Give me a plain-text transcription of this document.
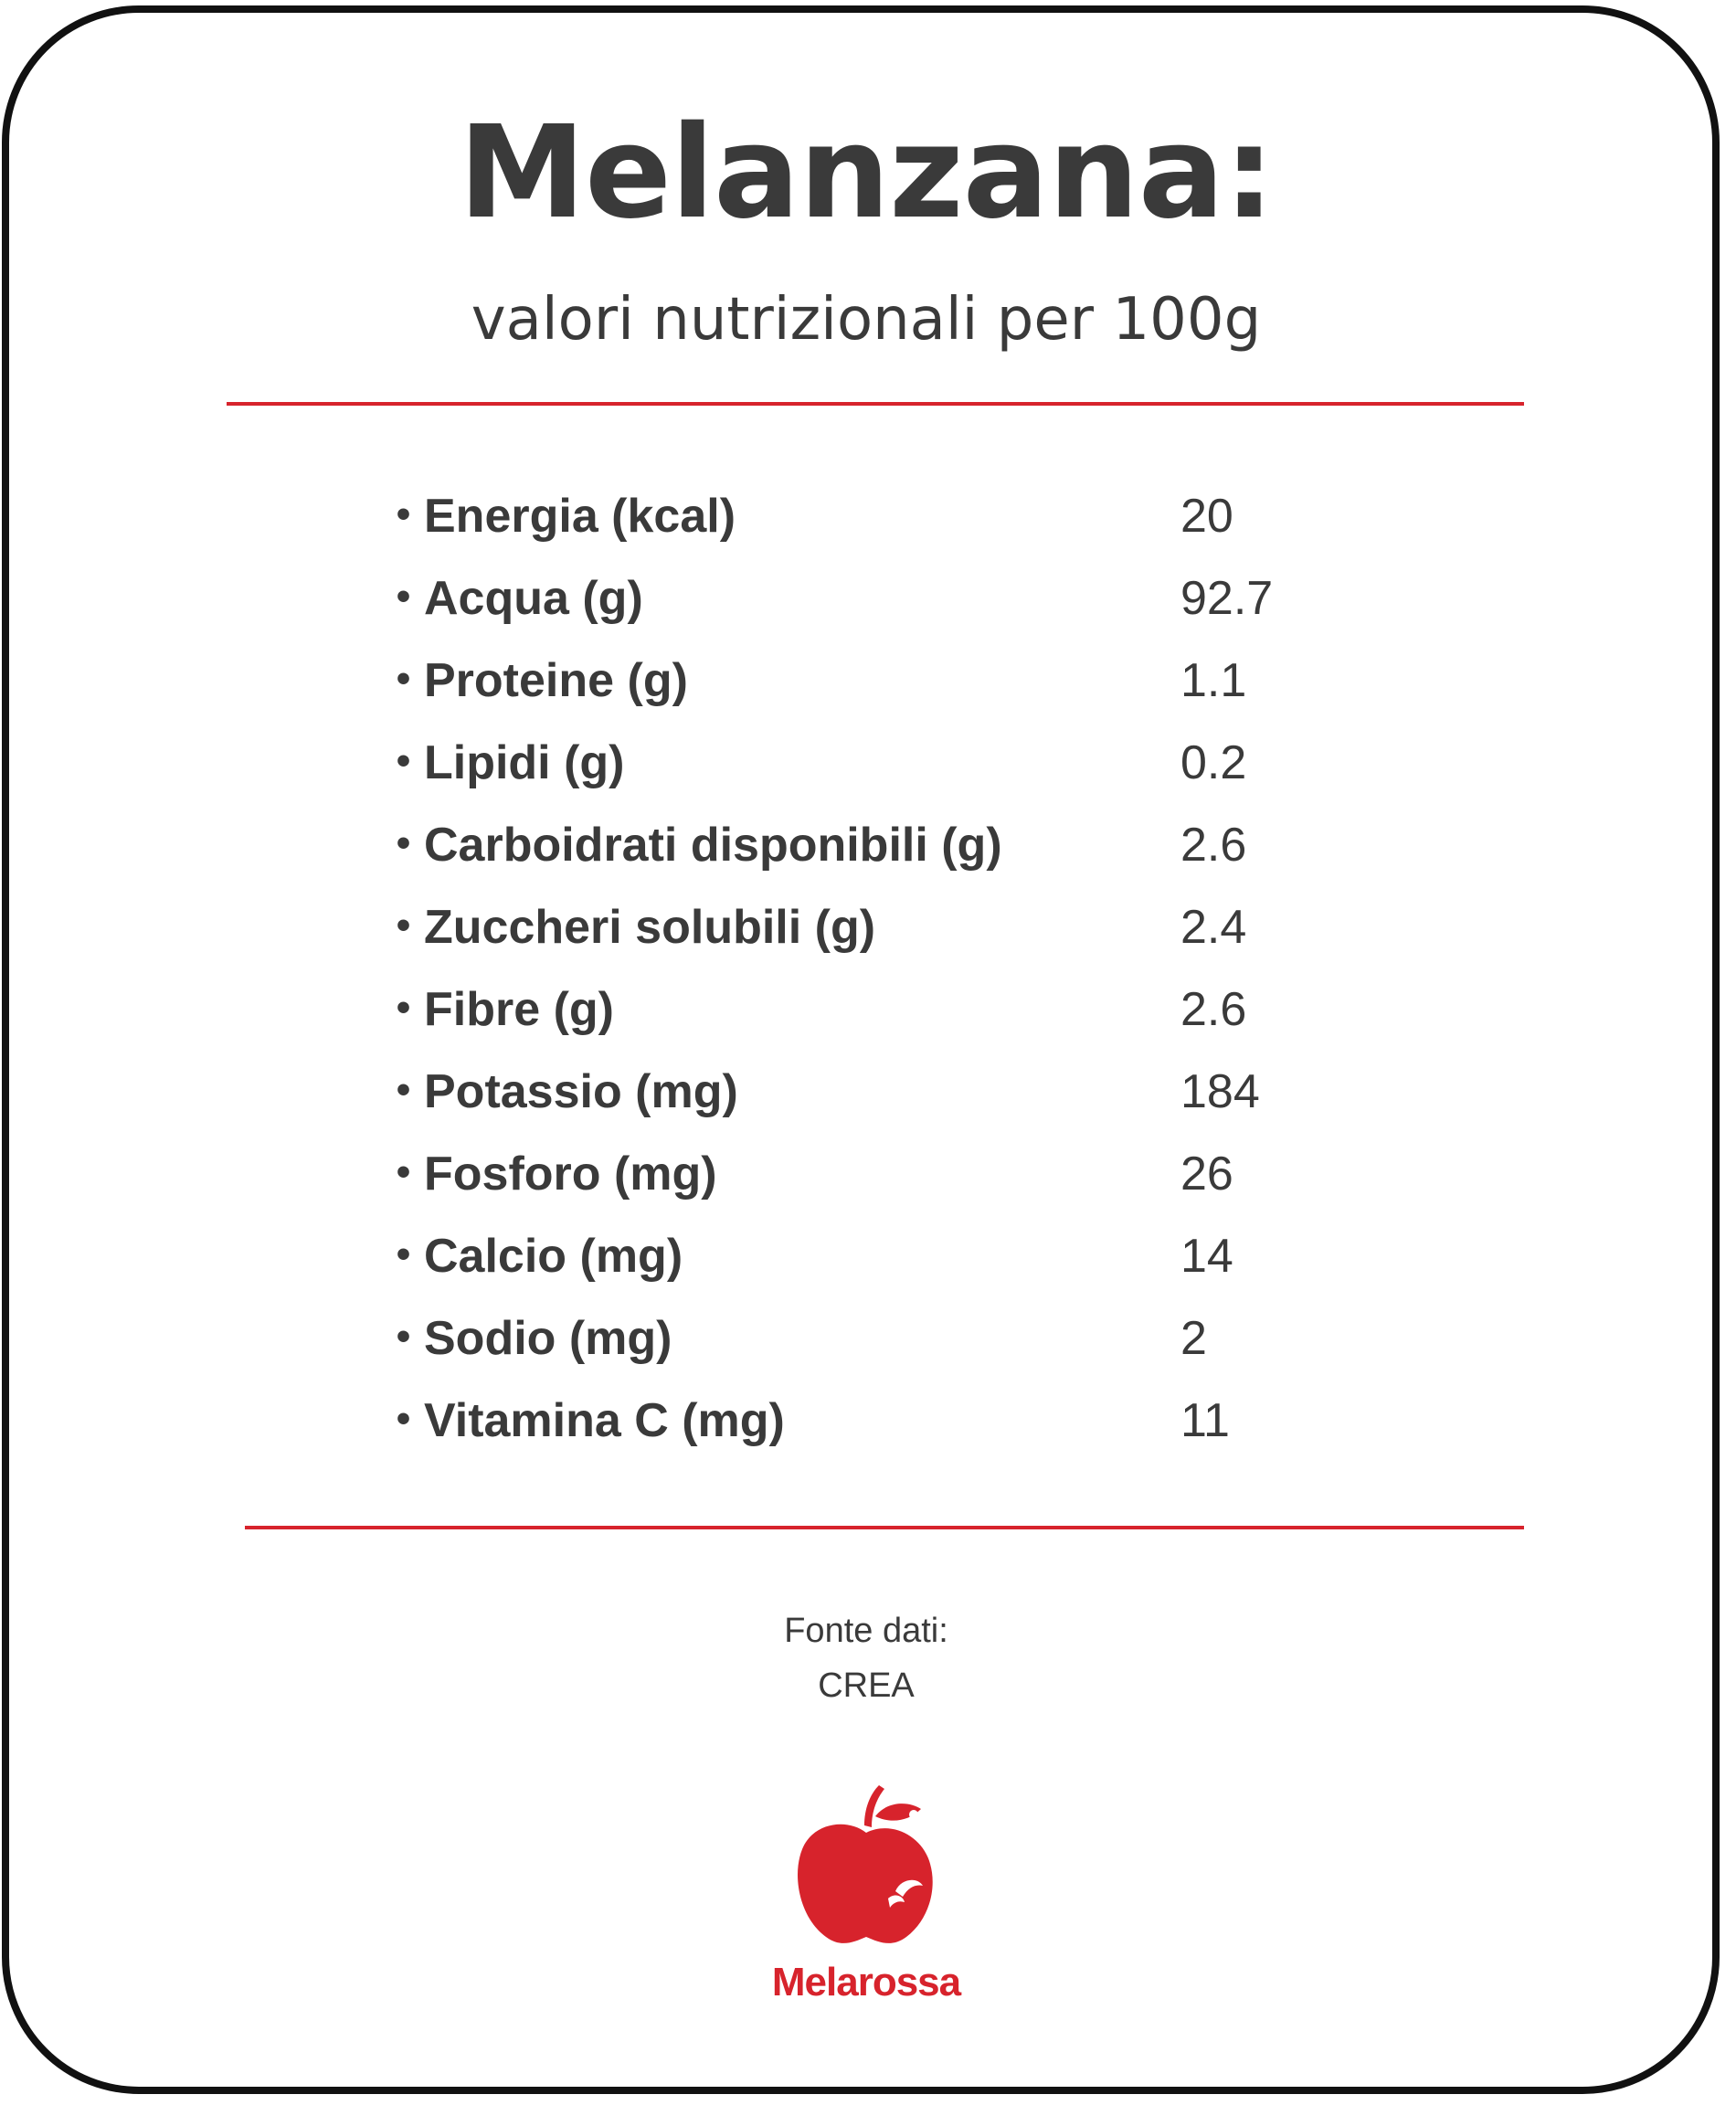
Melanzana:
valori nutrizionali per 100g
• Energia (kcal)	20
• Acqua (g)	92.7
• Proteine (g)	1.1
• Lipidi (g)	0.2
• Carboidrati disponibili (g)	2.6
• Zuccheri solubili (g)	2.4
• Fibre (g)	2.6
• Potassio (mg)	184
• Fosforo (mg)	26
• Calcio (mg)	14
• Sodio (mg)	2
• Vitamina C (mg)	11
Fonte dati:
CREA
Melarossa
